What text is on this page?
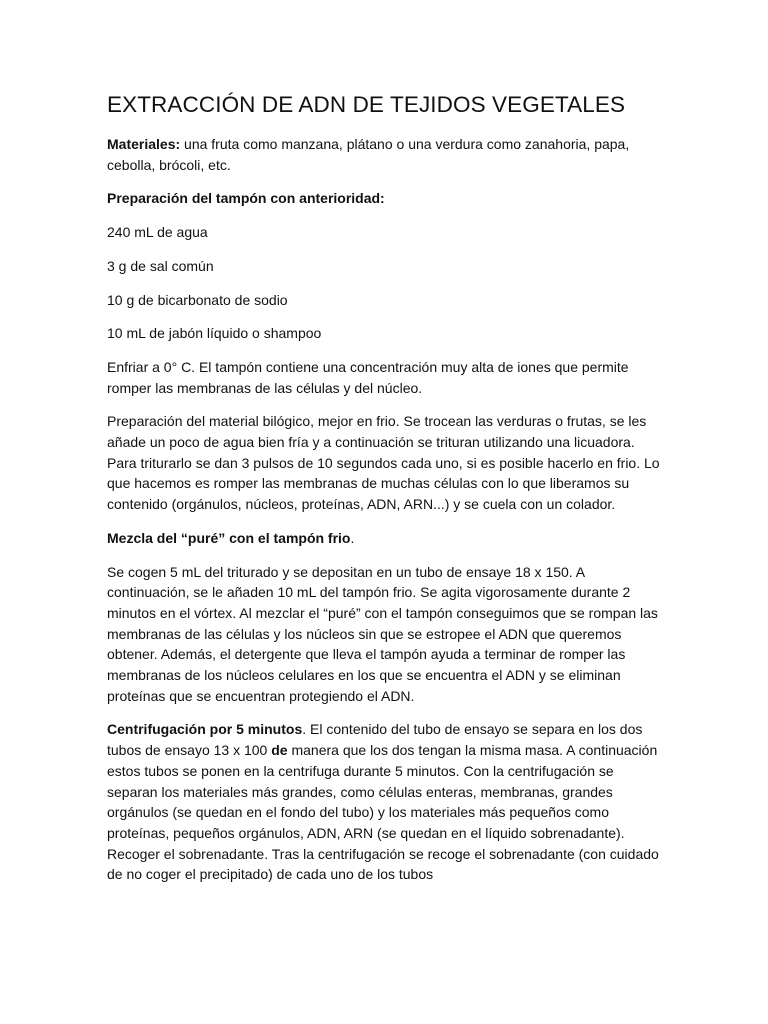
EXTRACCIÓN DE ADN DE TEJIDOS VEGETALES

Materiales: una fruta como manzana, plátano o una verdura como zanahoria, papa, cebolla, brócoli, etc.

Preparación del tampón con anterioridad:

240 mL de agua

3 g de sal común

10 g de bicarbonato de sodio

10 mL de jabón líquido o shampoo

Enfriar a 0° C. El tampón contiene una concentración muy alta de iones que permite romper las membranas de las células y del núcleo.

Preparación del material bilógico, mejor en frio. Se trocean las verduras o frutas, se les añade un poco de agua bien fría y a continuación se trituran utilizando una licuadora. Para triturarlo se dan 3 pulsos de 10 segundos cada uno, si es posible hacerlo en frio. Lo que hacemos es romper las membranas de muchas células con lo que liberamos su contenido (orgánulos, núcleos, proteínas, ADN, ARN...) y se cuela con un colador.

Mezcla del “puré” con el tampón frio.

Se cogen 5 mL del triturado y se depositan en un tubo de ensaye 18 x 150. A continuación, se le añaden 10 mL del tampón frio. Se agita vigorosamente durante 2 minutos en el vórtex. Al mezclar el “puré” con el tampón conseguimos que se rompan las membranas de las células y los núcleos sin que se estropee el ADN que queremos obtener. Además, el detergente que lleva el tampón ayuda a terminar de romper las membranas de los núcleos celulares en los que se encuentra el ADN y se eliminan proteínas que se encuentran protegiendo el ADN.

Centrifugación por 5 minutos. El contenido del tubo de ensayo se separa en los dos tubos de ensayo 13 x 100 de manera que los dos tengan la misma masa. A continuación estos tubos se ponen en la centrifuga durante 5 minutos. Con la centrifugación se separan los materiales más grandes, como células enteras, membranas, grandes orgánulos (se quedan en el fondo del tubo) y los materiales más pequeños como proteínas, pequeños orgánulos, ADN, ARN (se quedan en el líquido sobrenadante). Recoger el sobrenadante. Tras la centrifugación se recoge el sobrenadante (con cuidado de no coger el precipitado) de cada uno de los tubos
